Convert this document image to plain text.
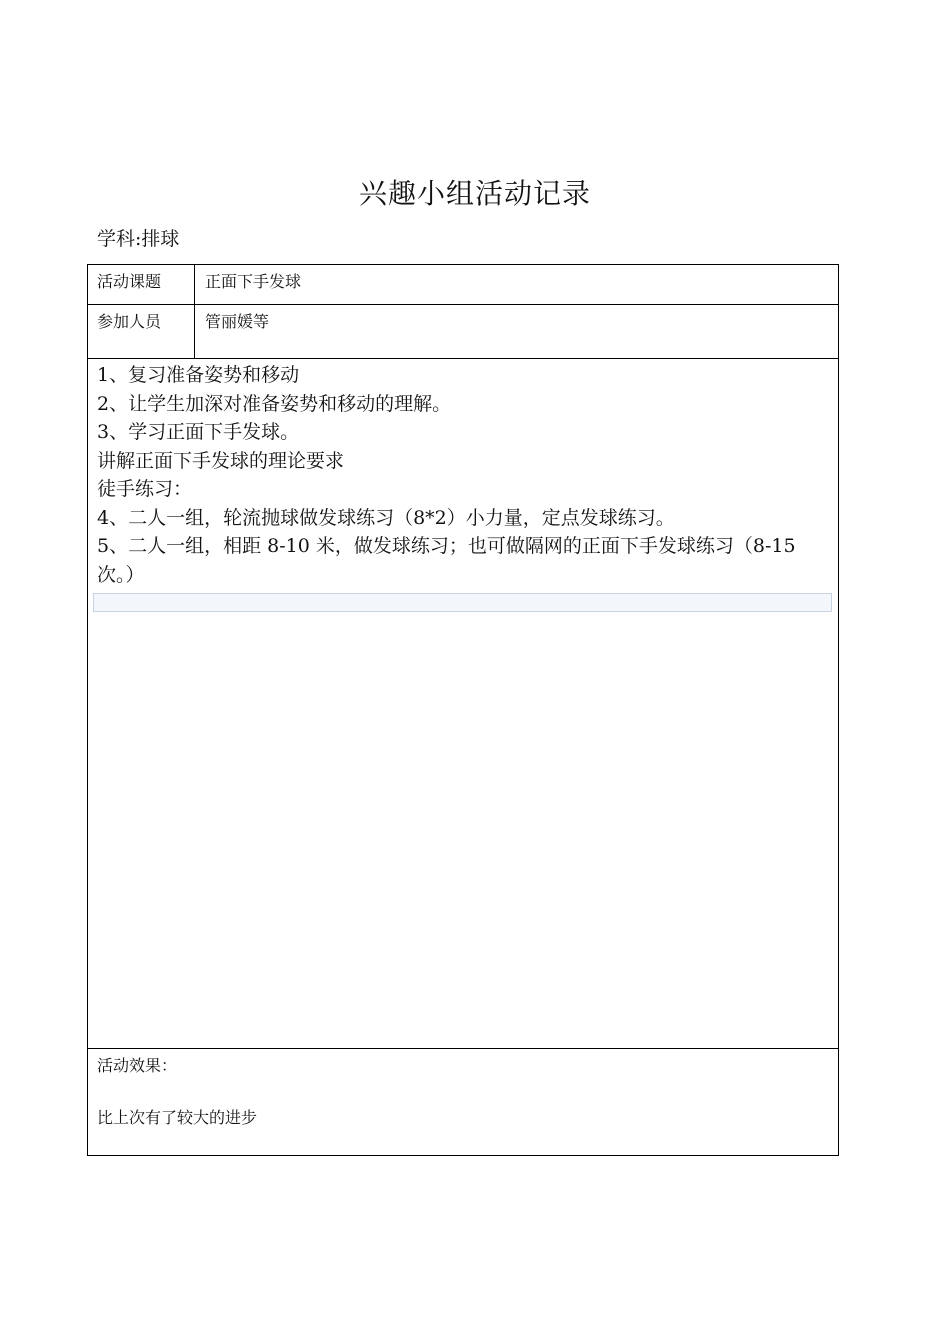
兴趣小组活动记录
学科:排球
活动课题	正面下手发球
参加人员	管丽媛等
1、复习准备姿势和移动
2、让学生加深对准备姿势和移动的理解。
3、学习正面下手发球。
讲解正面下手发球的理论要求
徒手练习：
4、二人一组，轮流抛球做发球练习（8*2）小力量，定点发球练习。
5、二人一组，相距 8-10 米，做发球练习；也可做隔网的正面下手发球练习（8-15
次。）
活动效果：
比上次有了较大的进步
